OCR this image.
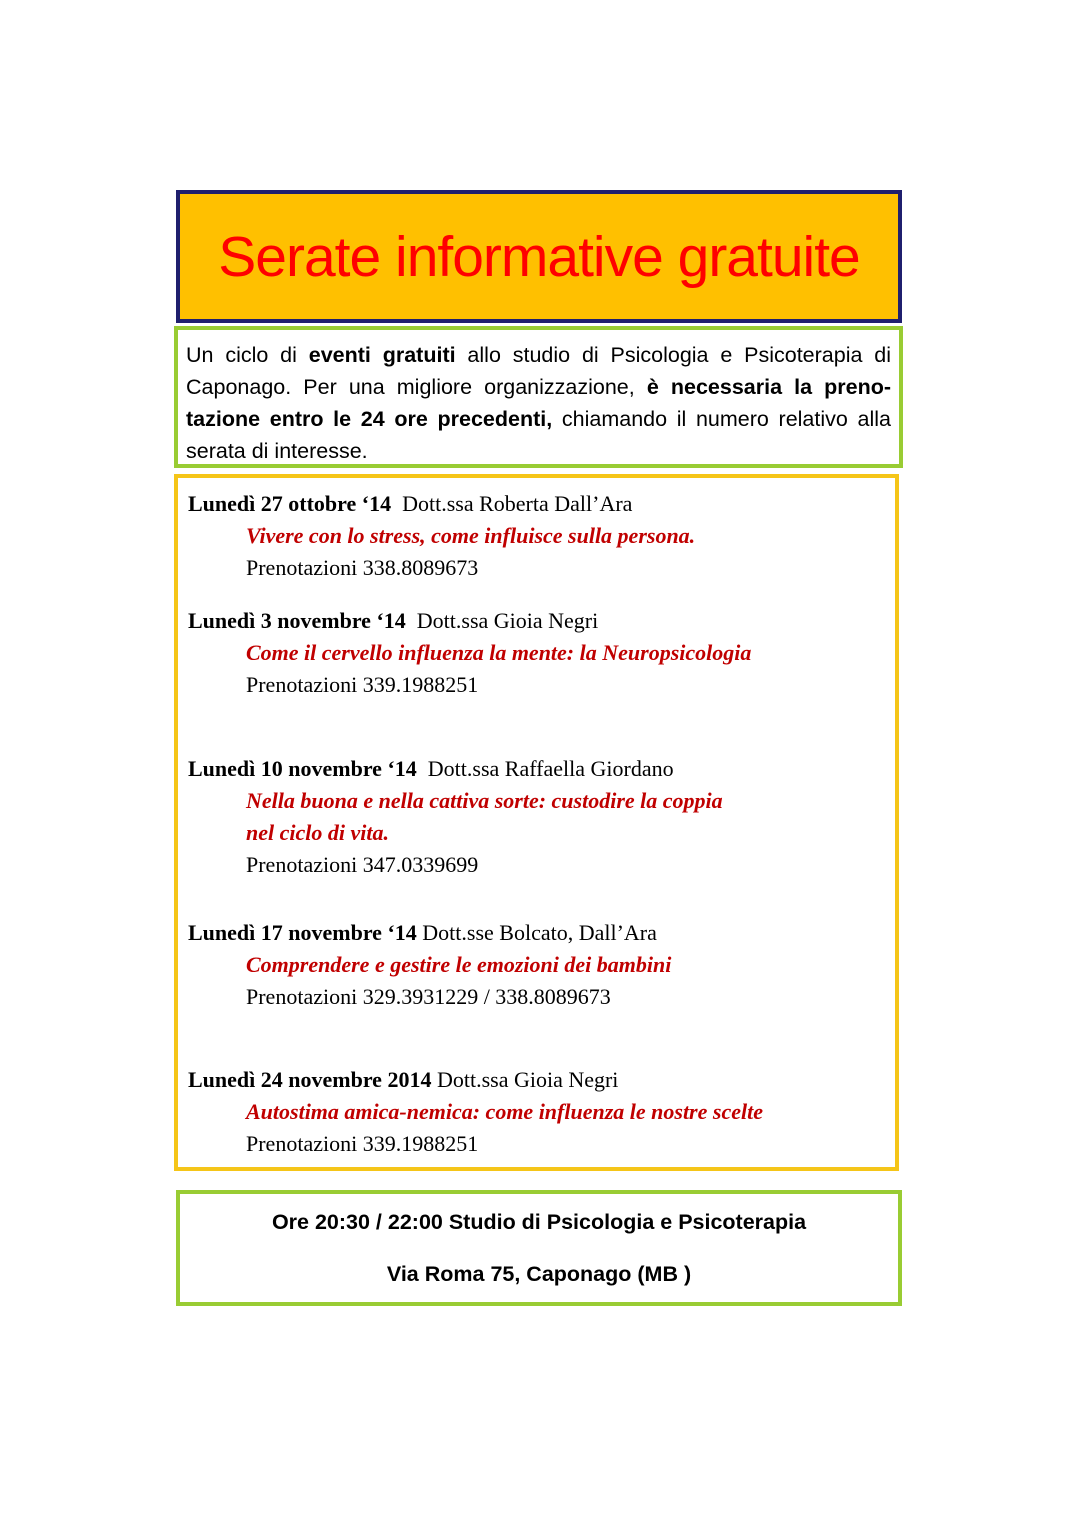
Serate informative gratuite

Un ciclo di eventi gratuiti allo studio di Psicologia e Psicoterapia di Caponago. Per una migliore organizzazione, è necessaria la preno-tazione entro le 24 ore precedenti, chiamando il numero relativo alla serata di interesse.

Lunedì 27 ottobre ‘14 Dott.ssa Roberta Dall’Ara
Vivere con lo stress, come influisce sulla persona.
Prenotazioni 338.8089673
Lunedì 3 novembre ‘14 Dott.ssa Gioia Negri
Come il cervello influenza la mente: la Neuropsicologia
Prenotazioni 339.1988251
Lunedì 10 novembre ‘14 Dott.ssa Raffaella Giordano
Nella buona e nella cattiva sorte: custodire la coppia
nel ciclo di vita.
Prenotazioni 347.0339699
Lunedì 17 novembre ‘14 Dott.sse Bolcato, Dall’Ara
Comprendere e gestire le emozioni dei bambini
Prenotazioni 329.3931229 / 338.8089673
Lunedì 24 novembre 2014 Dott.ssa Gioia Negri
Autostima amica-nemica: come influenza le nostre scelte
Prenotazioni 339.1988251
Ore 20:30 / 22:00 Studio di Psicologia e Psicoterapia
Via Roma 75, Caponago (MB )
